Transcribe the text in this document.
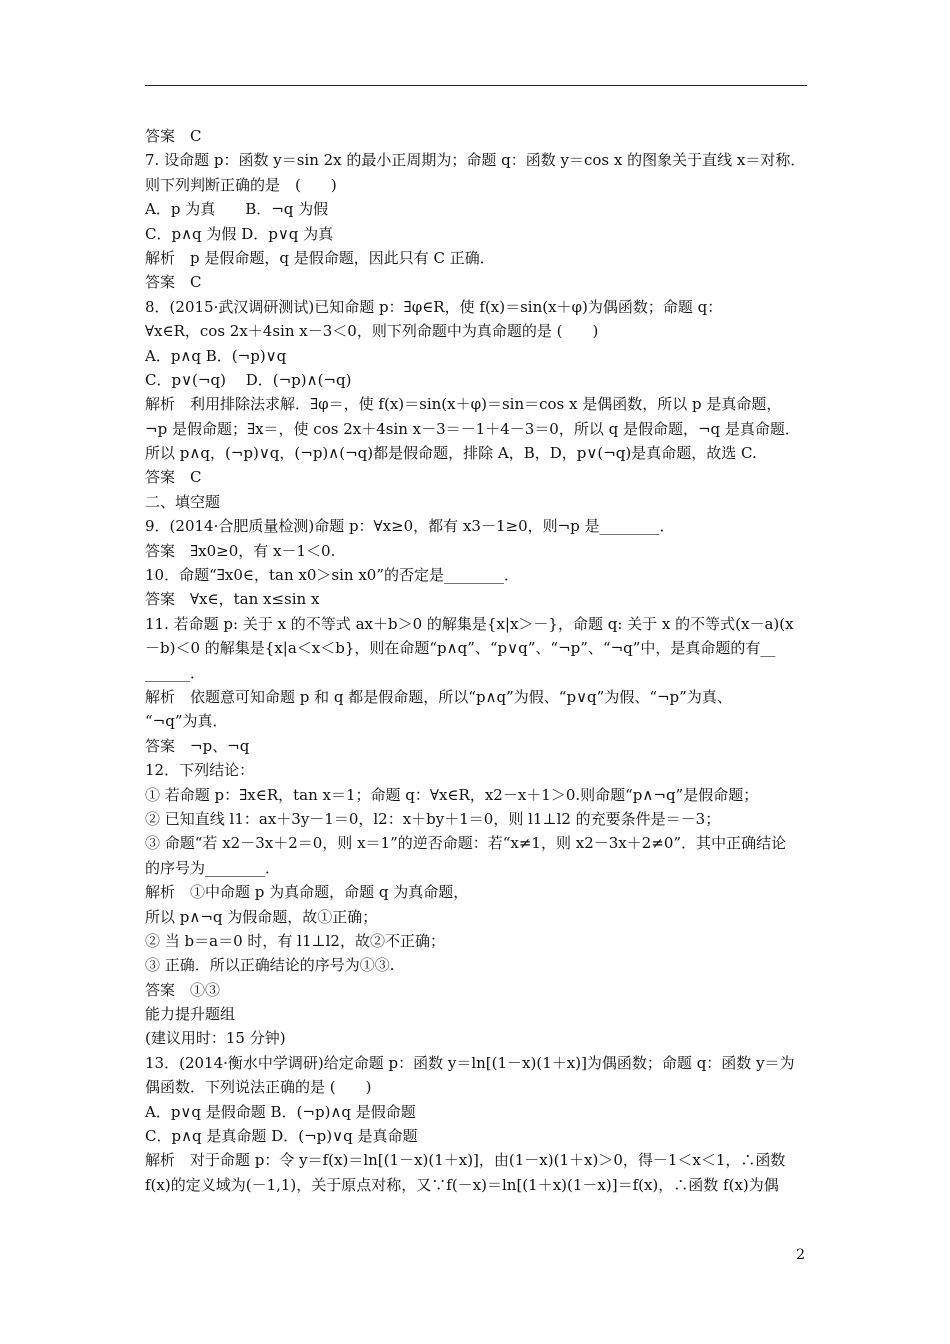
答案　C
7. 设命题 p：函数 y＝sin 2x 的最小正周期为；命题 q：函数 y＝cos x 的图象关于直线 x＝对称．
则下列判断正确的是　(　　)
A．p 为真　　B．¬q 为假
C．p∧q 为假 D．p∨q 为真
解析　p 是假命题，q 是假命题，因此只有 C 正确．
答案　C
8．(2015·武汉调研测试)已知命题 p：∃φ∈R，使 f(x)＝sin(x＋φ)为偶函数；命题 q：
∀x∈R，cos 2x＋4sin x－3＜0，则下列命题中为真命题的是 (　　)
A．p∧q B．(¬p)∨q
C．p∨(¬q)　 D．(¬p)∧(¬q)
解析　利用排除法求解．∃φ＝，使 f(x)＝sin(x＋φ)＝sin＝cos x 是偶函数，所以 p 是真命题，
¬p 是假命题；∃x＝，使 cos 2x＋4sin x－3＝－1＋4－3＝0，所以 q 是假命题，¬q 是真命题．
所以 p∧q，(¬p)∨q，(¬p)∧(¬q)都是假命题，排除 A，B，D，p∨(¬q)是真命题，故选 C.
答案　C
二、填空题
9．(2014·合肥质量检测)命题 p：∀x≥0，都有 x3－1≥0，则¬p 是________．
答案　∃x0≥0，有 x－1＜0.
10．命题“∃x0∈，tan x0＞sin x0”的否定是________．
答案　∀x∈，tan x≤sin x
11. 若命题 p: 关于 x 的不等式 ax＋b＞0 的解集是{x|x＞－}，命题 q: 关于 x 的不等式(x－a)(x
－b)＜0 的解集是{x|a＜x＜b}，则在命题“p∧q”、“p∨q”、“¬p”、“¬q”中，是真命题的有__
______．
解析　依题意可知命题 p 和 q 都是假命题，所以“p∧q”为假、“p∨q”为假、“¬p”为真、
“¬q”为真．
答案　¬p、¬q
12．下列结论：
① 若命题 p：∃x∈R，tan x＝1；命题 q：∀x∈R，x2－x＋1＞0.则命题“p∧¬q”是假命题；
② 已知直线 l1：ax＋3y－1＝0，l2：x＋by＋1＝0，则 l1⊥l2 的充要条件是＝－3；
③ 命题“若 x2－3x＋2＝0，则 x＝1”的逆否命题：若“x≠1，则 x2－3x＋2≠0”．其中正确结论
的序号为________．
解析　①中命题 p 为真命题，命题 q 为真命题，
所以 p∧¬q 为假命题，故①正确；
② 当 b＝a＝0 时，有 l1⊥l2，故②不正确；
③ 正确．所以正确结论的序号为①③.
答案　①③
能力提升题组
(建议用时：15 分钟)
13．(2014·衡水中学调研)给定命题 p：函数 y＝ln[(1－x)(1＋x)]为偶函数；命题 q：函数 y＝为
偶函数．下列说法正确的是 (　　)
A．p∨q 是假命题 B．(¬p)∧q 是假命题
C．p∧q 是真命题 D．(¬p)∨q 是真命题
解析　对于命题 p：令 y＝f(x)＝ln[(1－x)(1＋x)]，由(1－x)(1＋x)＞0，得－1＜x＜1，∴函数
f(x)的定义域为(－1,1)，关于原点对称，又∵f(－x)＝ln[(1＋x)(1－x)]＝f(x)，∴函数 f(x)为偶
2
